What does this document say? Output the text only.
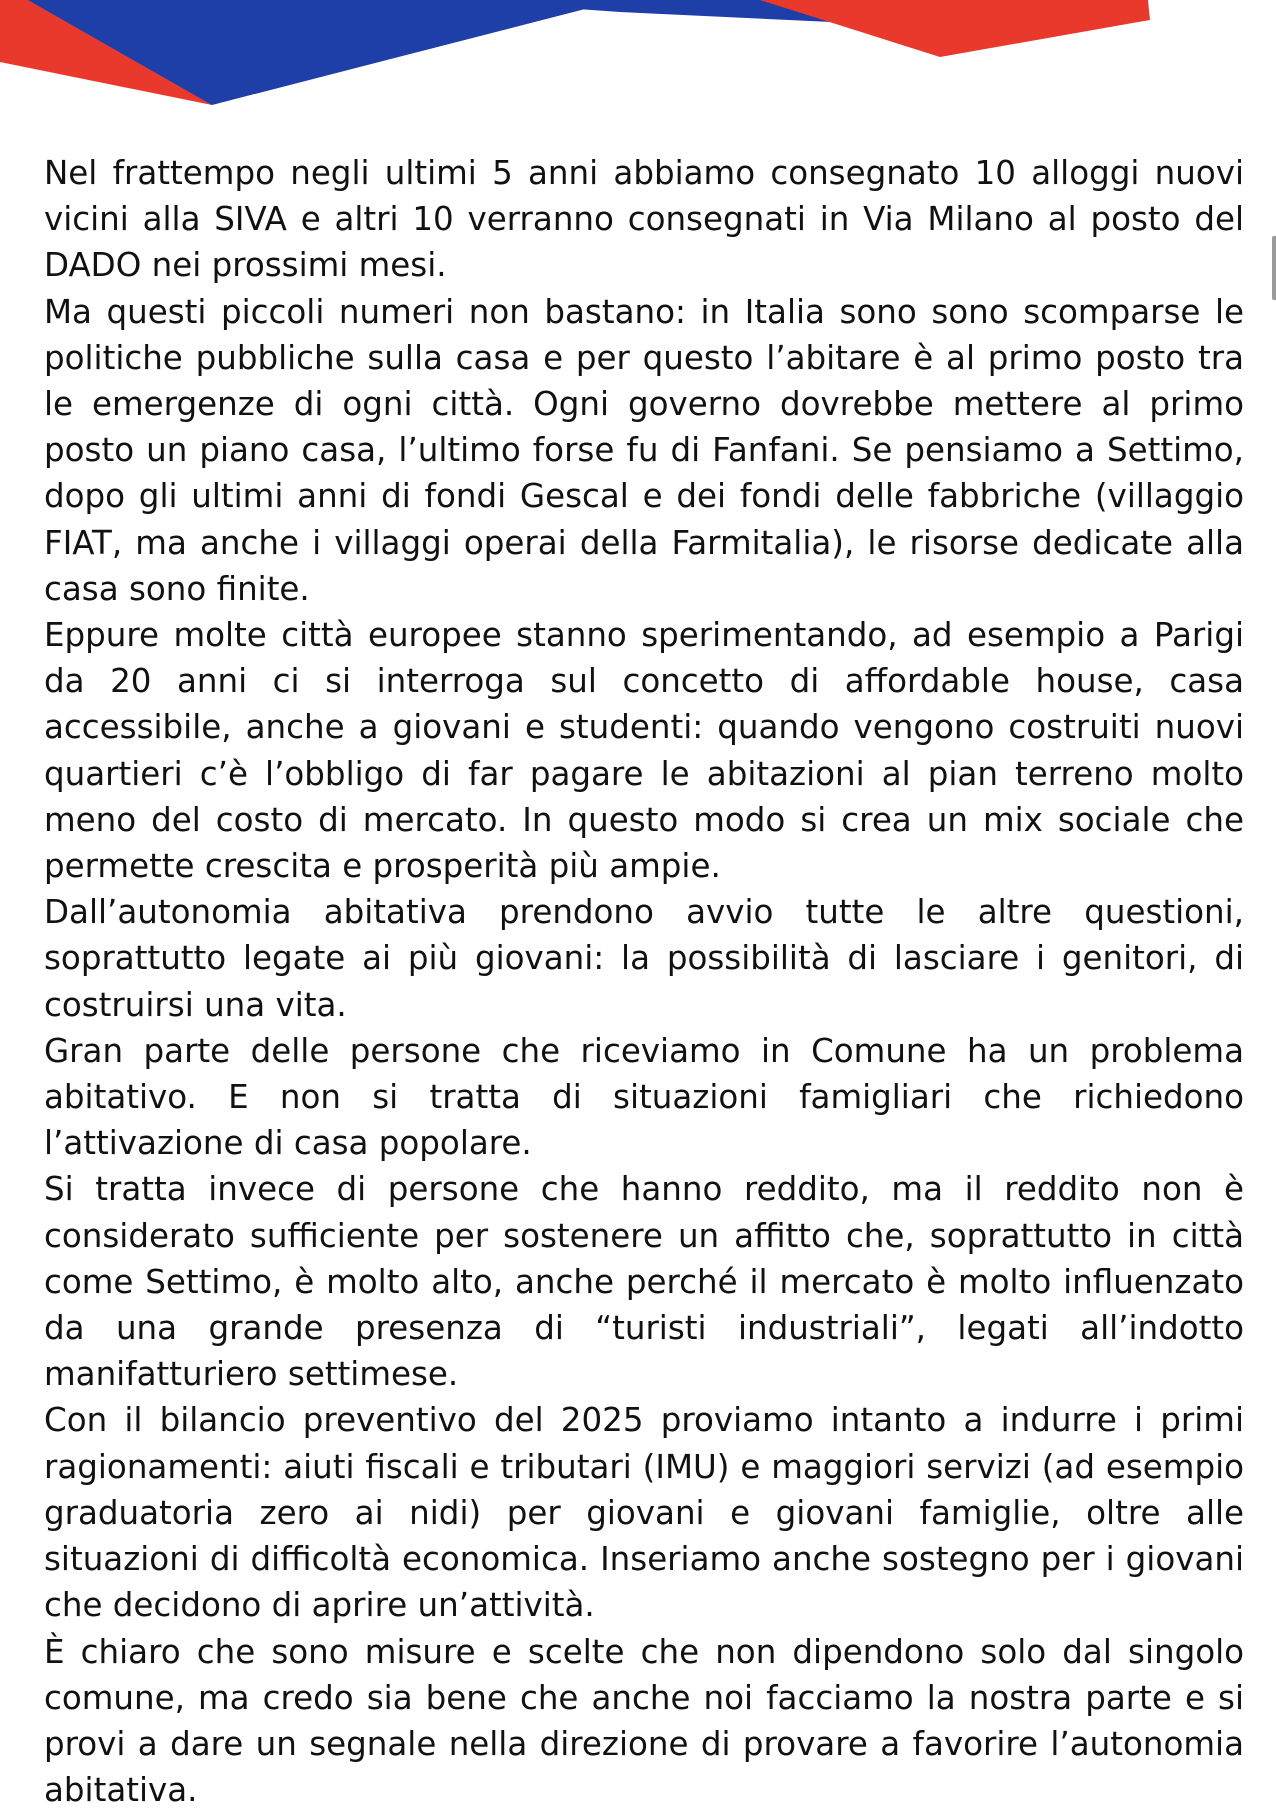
Nel frattempo negli ultimi 5 anni abbiamo consegnato 10 alloggi nuovi vicini alla SIVA e altri 10 verranno consegnati in Via Milano al posto del DADO nei prossimi mesi.

Ma questi piccoli numeri non bastano: in Italia sono sono scomparse le politiche pubbliche sulla casa e per questo l’abitare è al primo posto tra le emergenze di ogni città. Ogni governo dovrebbe mettere al primo posto un piano casa, l’ultimo forse fu di Fanfani. Se pensiamo a Settimo, dopo gli ultimi anni di fondi Gescal e dei fondi delle fabbriche (villaggio FIAT, ma anche i villaggi operai della Farmitalia), le risorse dedicate alla casa sono finite.

Eppure molte città europee stanno sperimentando, ad esempio a Parigi da 20 anni ci si interroga sul concetto di affordable house, casa accessibile, anche a giovani e studenti: quando vengono costruiti nuovi quartieri c’è l’obbligo di far pagare le abitazioni al pian terreno molto meno del costo di mercato. In questo modo si crea un mix sociale che permette crescita e prosperità più ampie.

Dall’autonomia abitativa prendono avvio tutte le altre questioni, soprattutto legate ai più giovani: la possibilità di lasciare i genitori, di costruirsi una vita.

Gran parte delle persone che riceviamo in Comune ha un problema abitativo. E non si tratta di situazioni famigliari che richiedono l’attivazione di casa popolare.

Si tratta invece di persone che hanno reddito, ma il reddito non è considerato sufficiente per sostenere un affitto che, soprattutto in città come Settimo, è molto alto, anche perché il mercato è molto influenzato da una grande presenza di “turisti industriali”, legati all’indotto manifatturiero settimese.

Con il bilancio preventivo del 2025 proviamo intanto a indurre i primi ragionamenti: aiuti fiscali e tributari (IMU) e maggiori servizi (ad esempio graduatoria zero ai nidi) per giovani e giovani famiglie, oltre alle situazioni di difficoltà economica. Inseriamo anche sostegno per i giovani che decidono di aprire un’attività.

È chiaro che sono misure e scelte che non dipendono solo dal singolo comune, ma credo sia bene che anche noi facciamo la nostra parte e si provi a dare un segnale nella direzione di provare a favorire l’autonomia abitativa.
